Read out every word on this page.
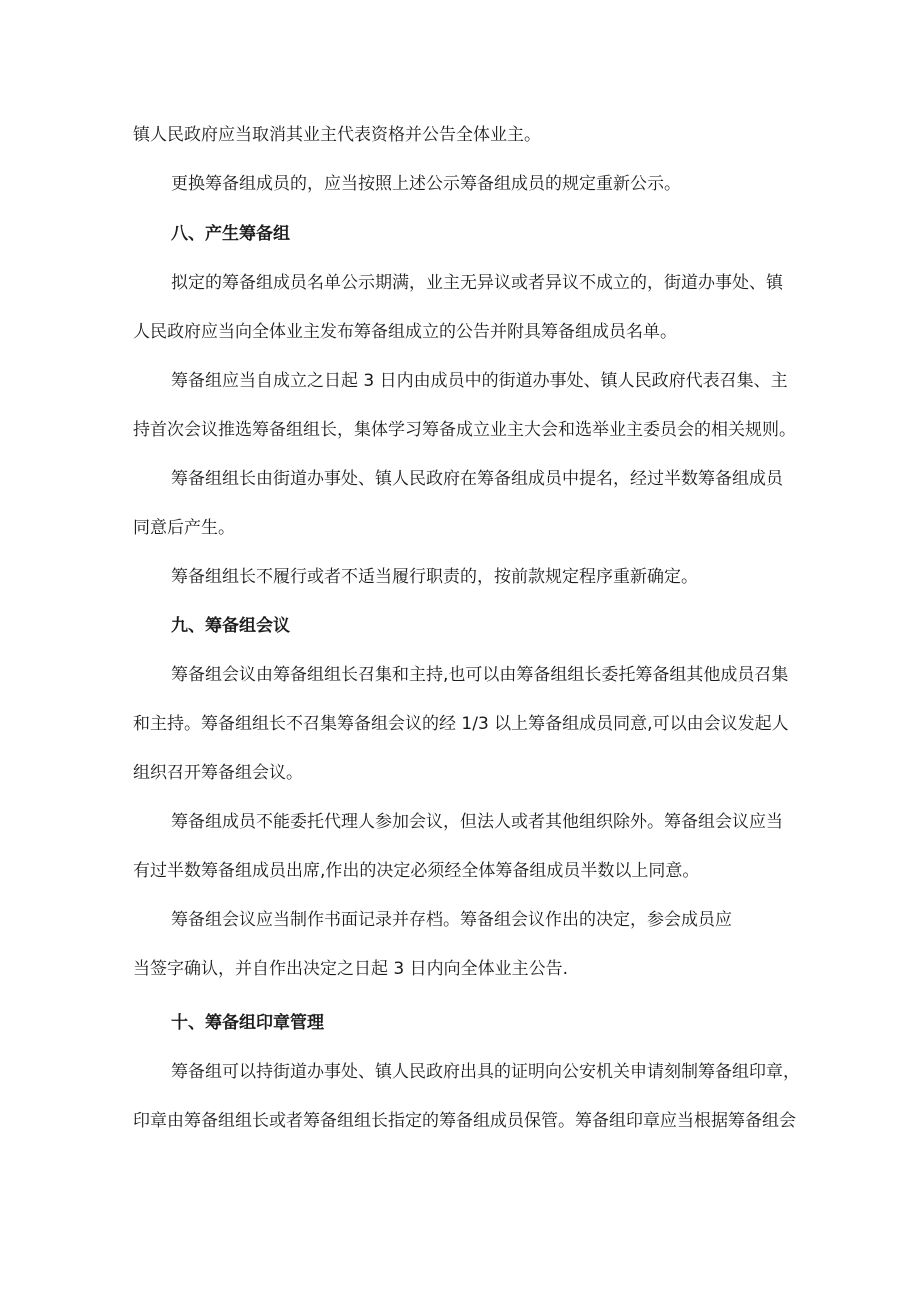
镇人民政府应当取消其业主代表资格并公告全体业主。
更换筹备组成员的，应当按照上述公示筹备组成员的规定重新公示。
八、产生筹备组
拟定的筹备组成员名单公示期满，业主无异议或者异议不成立的，街道办事处、镇
人民政府应当向全体业主发布筹备组成立的公告并附具筹备组成员名单。
筹备组应当自成立之日起 3 日内由成员中的街道办事处、镇人民政府代表召集、主
持首次会议推选筹备组组长，集体学习筹备成立业主大会和选举业主委员会的相关规则。
筹备组组长由街道办事处、镇人民政府在筹备组成员中提名，经过半数筹备组成员
同意后产生。
筹备组组长不履行或者不适当履行职责的，按前款规定程序重新确定。
九、筹备组会议
筹备组会议由筹备组组长召集和主持,也可以由筹备组组长委托筹备组其他成员召集
和主持。筹备组组长不召集筹备组会议的经 1/3 以上筹备组成员同意,可以由会议发起人
组织召开筹备组会议。
筹备组成员不能委托代理人参加会议，但法人或者其他组织除外。筹备组会议应当
有过半数筹备组成员出席,作出的决定必须经全体筹备组成员半数以上同意。
筹备组会议应当制作书面记录并存档。筹备组会议作出的决定，参会成员应
当签字确认，并自作出决定之日起 3 日内向全体业主公告.
十、筹备组印章管理
筹备组可以持街道办事处、镇人民政府出具的证明向公安机关申请刻制筹备组印章，
印章由筹备组组长或者筹备组组长指定的筹备组成员保管。筹备组印章应当根据筹备组会
